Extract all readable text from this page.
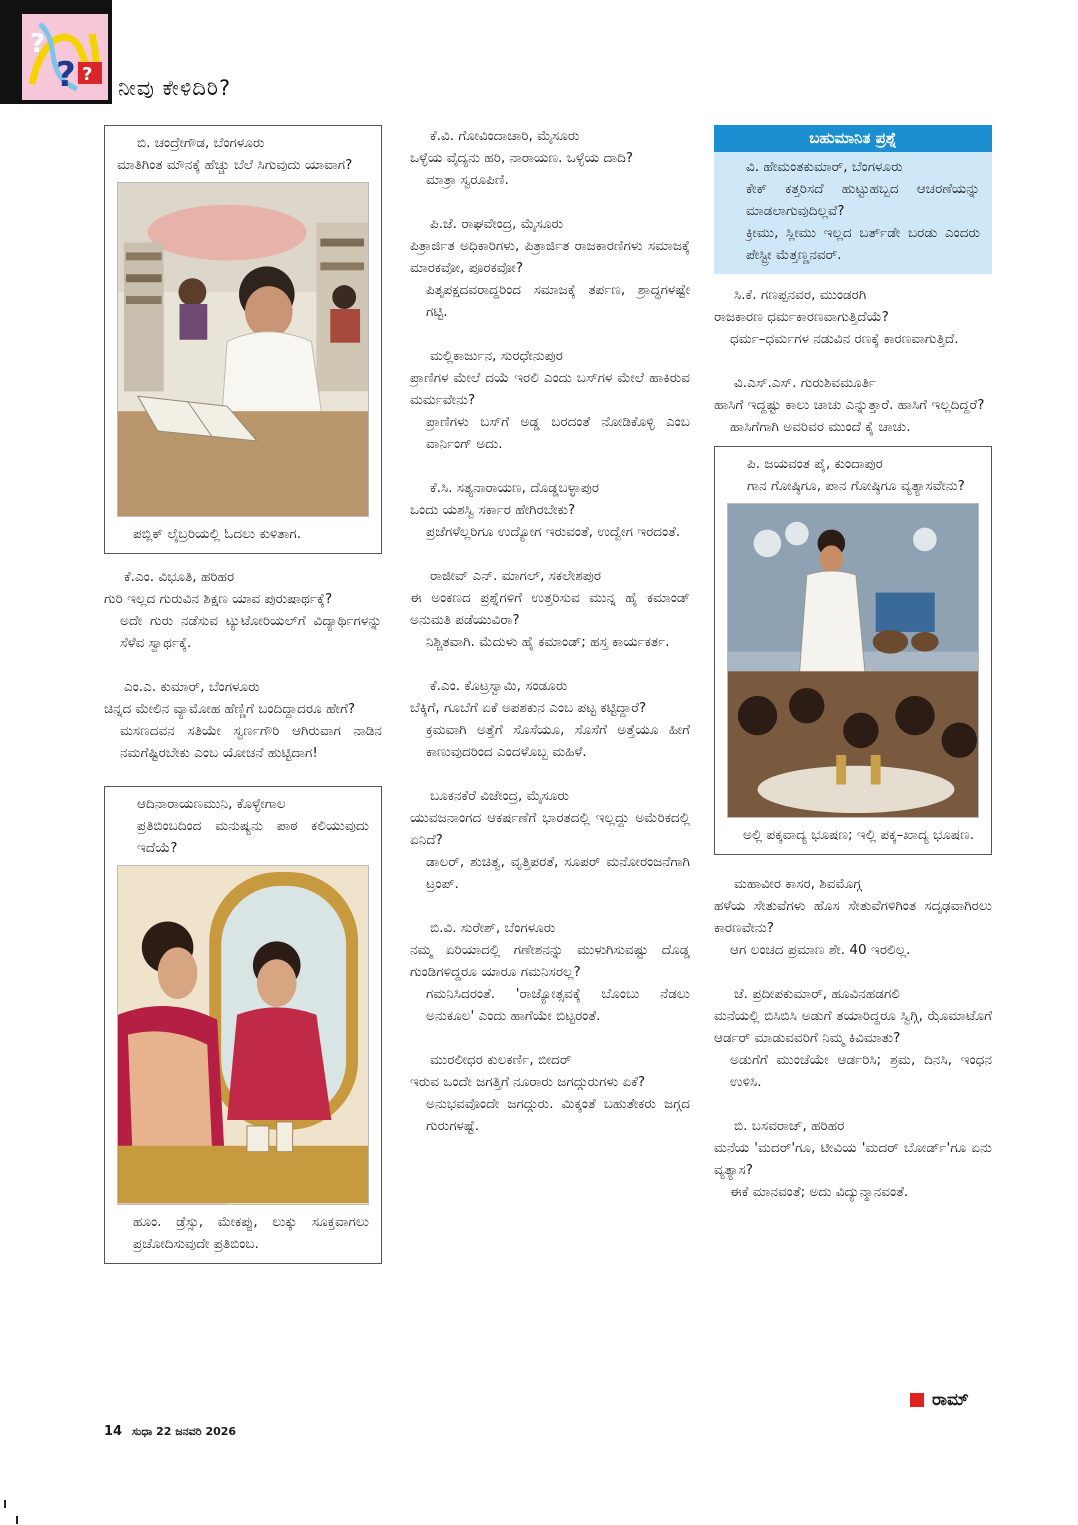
?
? ?
ನೀವು ಕೇಳಿದಿರಿ?

ಬಿ. ಚಂದ್ರೇಗೌಡ, ಬೆಂಗಳೂರು

ಮಾತಿಗಿಂತ ಮೌನಕ್ಕೆ ಹೆಚ್ಚು ಬೆಲೆ ಸಿಗುವುದು ಯಾವಾಗ?

ಪಬ್ಲಿಕ್ ಲೈಬ್ರರಿಯಲ್ಲಿ ಓದಲು ಕುಳಿತಾಗ.

ಕೆ.ಎಂ. ವಿಭೂತಿ, ಹರಿಹರ

ಗುರಿ ಇಲ್ಲದ ಗುರುವಿನ ಶಿಕ್ಷಣ ಯಾವ ಪುರುಷಾರ್ಥಕ್ಕೆ?

ಅದೇ ಗುರು ನಡೆಸುವ ಟ್ಯುಟೋರಿಯಲ್‌ಗೆ ವಿದ್ಯಾರ್ಥಿಗಳನ್ನು ಸೆಳೆವ ಸ್ವಾರ್ಥಕ್ಕೆ.

ಎಂ.ಎ. ಕುಮಾರ್, ಬೆಂಗಳೂರು

ಚಿನ್ನದ ಮೇಲಿನ ವ್ಯಾಮೋಹ ಹೆಣ್ಣಿಗೆ ಬಂದಿದ್ದಾದರೂ ಹೇಗೆ?

ಮಸಣದವನ ಸತಿಯೇ ಸ್ವರ್ಣಗೌರಿ ಆಗಿರುವಾಗ ನಾಡಿನ ನಮಗೆಷ್ಟಿರಬೇಕು ಎಂಬ ಯೋಚನೆ ಹುಟ್ಟಿದಾಗ!

ಆದಿನಾರಾಯಣಮುನಿ, ಕೊಳ್ಳೇಗಾಲ

ಪ್ರತಿಬಿಂಬದಿಂದ ಮನುಷ್ಯನು ಪಾಠ ಕಲಿಯುವುದು ಇದೆಯೆ?

ಹೂಂ. ಡ್ರೆಸ್ಸು, ಮೇಕಪ್ಪು, ಲುಕ್ಕು ಸೂಕ್ತವಾಗಲು ಪ್ರಚೋದಿಸುವುದೇ ಪ್ರತಿಬಿಂಬ.

ಕೆ.ವಿ. ಗೋವಿಂದಾಚಾರಿ, ಮೈಸೂರು

ಒಳ್ಳೆಯ ವೈದ್ಯನು ಹರಿ, ನಾರಾಯಣ. ಒಳ್ಳೆಯ ದಾದಿ?

ಮಾತ್ರಾ ಸ್ವರೂಪಿಣಿ.

ಪಿ.ಜೆ. ರಾಘವೇಂದ್ರ, ಮೈಸೂರು

ಪಿತ್ರಾರ್ಜಿತ ಅಧಿಕಾರಿಗಳು, ಪಿತ್ರಾರ್ಜಿತ ರಾಜಕಾರಣಿಗಳು ಸಮಾಜಕ್ಕೆ ಮಾರಕವೋ, ಪೂರಕವೋ?

ಪಿತೃಪಕ್ಷದವರಾದ್ದರಿಂದ ಸಮಾಜಕ್ಕೆ ತರ್ಪಣ, ಶ್ರಾದ್ಧಗಳಷ್ಟೇ ಗಟ್ಟಿ.

ಮಲ್ಲಿಕಾರ್ಜುನ, ಸುರಧೇನುಪುರ

ಪ್ರಾಣಿಗಳ ಮೇಲೆ ದಯೆ ಇರಲಿ ಎಂದು ಬಸ್‌ಗಳ ಮೇಲೆ ಹಾಕಿರುವ ಮರ್ಮವೇನು?

ಪ್ರಾಣಿಗಳು ಬಸ್‌ಗೆ ಅಡ್ಡ ಬರದಂತೆ ನೋಡಿಕೊಳ್ಳಿ ಎಂಬ ವಾರ್ನಿಂಗ್ ಅದು.

ಕೆ.ಸಿ. ಸತ್ಯನಾರಾಯಣ, ದೊಡ್ಡಬಳ್ಳಾಪುರ

ಒಂದು ಯಶಸ್ವಿ ಸರ್ಕಾರ ಹೇಗಿರಬೇಕು?

ಪ್ರಜೆಗಳೆಲ್ಲರಿಗೂ ಉದ್ಯೋಗ ಇರುವಂತೆ, ಉದ್ವೇಗ ಇರದಂತೆ.

ರಾಜೀವ್ ಎನ್. ಮಾಗಲ್, ಸಕಲೇಶಪುರ

ಈ ಅಂಕಣದ ಪ್ರಶ್ನೆಗಳಿಗೆ ಉತ್ತರಿಸುವ ಮುನ್ನ ಹೈ ಕಮಾಂಡ್ ಅನುಮತಿ ಪಡೆಯುವಿರಾ?

ನಿಶ್ಚಿತವಾಗಿ. ಮೆದುಳು ಹೈ ಕಮಾಂಡ್; ಹಸ್ತ ಕಾರ್ಯಕರ್ತ.

ಕೆ.ಎಂ. ಕೊಟ್ರಸ್ವಾಮಿ, ಸಂಡೂರು

ಬೆಕ್ಕಿಗೆ, ಗೂಬೆಗೆ ಏಕೆ ಅಪಶಕುನ ಎಂಬ ಪಟ್ಟ ಕಟ್ಟಿದ್ದಾರೆ?

ಕ್ರಮವಾಗಿ ಅತ್ತೆಗೆ ಸೊಸೆಯೂ, ಸೊಸೆಗೆ ಅತ್ತೆಯೂ ಹೀಗೆ ಕಾಣುವುದರಿಂದ ಎಂದಳೊಬ್ಬ ಮಹಿಳೆ.

ಬೂಕನಕೆರೆ ವಿಜೇಂದ್ರ, ಮೈಸೂರು

ಯುವಜನಾಂಗದ ಆಕರ್ಷಣೆಗೆ ಭಾರತದಲ್ಲಿ ಇಲ್ಲದ್ದು ಅಮೆರಿಕದಲ್ಲಿ ಏನಿದೆ?

ಡಾಲರ್, ಶುಚಿತ್ವ, ವೃತ್ತಿಪರತೆ, ಸೂಪರ್ ಮನೋರಂಜನೆಗಾಗಿ ಟ್ರಂಪ್.

ಬಿ.ವಿ. ಸುರೇಶ್, ಬೆಂಗಳೂರು

ನಮ್ಮ ಏರಿಯಾದಲ್ಲಿ ಗಣೇಶನನ್ನು ಮುಳುಗಿಸುವಷ್ಟು ದೊಡ್ಡ ಗುಂಡಿಗಳಿದ್ದರೂ ಯಾರೂ ಗಮನಿಸರಲ್ಲ?

ಗಮನಿಸಿದರಂತೆ. 'ರಾಜ್ಯೋತ್ಸವಕ್ಕೆ ಬೊಂಬು ನೆಡಲು ಅನುಕೂಲ' ಎಂದು ಹಾಗೆಯೇ ಬಿಟ್ಟರಂತೆ.

ಮುರಲೀಧರ ಕುಲಕರ್ಣಿ, ಬೀದರ್

ಇರುವ ಒಂದೇ ಜಗತ್ತಿಗೆ ನೂರಾರು ಜಗದ್ಗುರುಗಳು ಏಕೆ?

ಅನುಭವವೊಂದೇ ಜಗದ್ಗುರು. ಮಿಕ್ಕಂತೆ ಬಹುತೇಕರು ಜಗ್ಗದ ಗುರುಗಳಷ್ಟೆ.

ಬಹುಮಾನಿತ ಪ್ರಶ್ನೆ

ವಿ. ಹೇಮಂತಕುಮಾರ್, ಬೆಂಗಳೂರು

ಕೇಕ್ ಕತ್ತರಿಸದೆ ಹುಟ್ಟುಹಬ್ಬದ ಆಚರಣೆಯನ್ನು ಮಾಡಲಾಗುವುದಿಲ್ಲವೆ?

ಕ್ರೀಮು, ಸ್ಲೀಮು ಇಲ್ಲದ ಬರ್ತ್‌ಡೇ ಬರಡು ಎಂದರು ಪೇಸ್ಟ್ರೀ ಮೆತ್ತಣ್ಣನವರ್.

ಸಿ.ಕೆ. ಗಣಪ್ಪನವರ, ಮುಂಡರಗಿ

ರಾಜಕಾರಣ ಧರ್ಮಕಾರಣವಾಗುತ್ತಿದೆಯೆ?

ಧರ್ಮ–ಧರ್ಮಗಳ ನಡುವಿನ ರಣಕ್ಕೆ ಕಾರಣವಾಗುತ್ತಿದೆ.

ವಿ.ಎಸ್.ಎಸ್. ಗುರುಶಿವಮೂರ್ತಿ

ಹಾಸಿಗೆ ಇದ್ದಷ್ಟು ಕಾಲು ಚಾಚು ಎನ್ನುತ್ತಾರೆ. ಹಾಸಿಗೆ ಇಲ್ಲದಿದ್ದರೆ?

ಹಾಸಿಗೆಗಾಗಿ ಅವರಿವರ ಮುಂದೆ ಕೈ ಚಾಚು.

ಪಿ. ಜಯವಂತ ಪೈ, ಕುಂದಾಪುರ

ಗಾನ ಗೋಷ್ಠಿಗೂ, ಪಾನ ಗೋಷ್ಠಿಗೂ ವ್ಯತ್ಯಾಸವೇನು?

ಅಲ್ಲಿ ಪಕ್ಕವಾದ್ಯ ಭೂಷಣ; ಇಲ್ಲಿ ಪಕ್ಕ–ಖಾದ್ಯ ಭೂಷಣ.

ಮಹಾವೀರ ಕಾಸರ, ಶಿವಮೊಗ್ಗ

ಹಳೆಯ ಸೇತುವೆಗಳು ಹೊಸ ಸೇತುವೆಗಳಿಗಿಂತ ಸದೃಢವಾಗಿರಲು ಕಾರಣವೇನು?

ಆಗ ಲಂಚದ ಪ್ರಮಾಣ ಶೇ. 40 ಇರಲಿಲ್ಲ.

ಜೆ. ಪ್ರದೀಪಕುಮಾರ್, ಹೂವಿನಹಡಗಲಿ

ಮನೆಯಲ್ಲಿ ಬಿಸಿಬಿಸಿ ಅಡುಗೆ ತಯಾರಿದ್ದರೂ ಸ್ವಿಗ್ಗಿ, ಝೊಮಾಟೊಗೆ ಆರ್ಡರ್ ಮಾಡುವವರಿಗೆ ನಿಮ್ಮ ಕಿವಿಮಾತು?

ಅಡುಗೆಗೆ ಮುಂಚೆಯೇ ಆರ್ಡರಿಸಿ; ಶ್ರಮ, ದಿನಸಿ, ಇಂಧನ ಉಳಿಸಿ.

ಬಿ. ಬಸವರಾಜ್, ಹರಿಹರ

ಮನೆಯ 'ಮದರ್'ಗೂ, ಟೀವಿಯ 'ಮದರ್ ಬೋರ್ಡ್'ಗೂ ಏನು ವ್ಯತ್ಯಾಸ?

ಈಕೆ ಮಾನವಂತೆ; ಅದು ವಿದ್ಯುನ್ಮಾನವಂತೆ.

ರಾಮ್
14 ಸುಧಾ 22 ಜನವರಿ 2026
